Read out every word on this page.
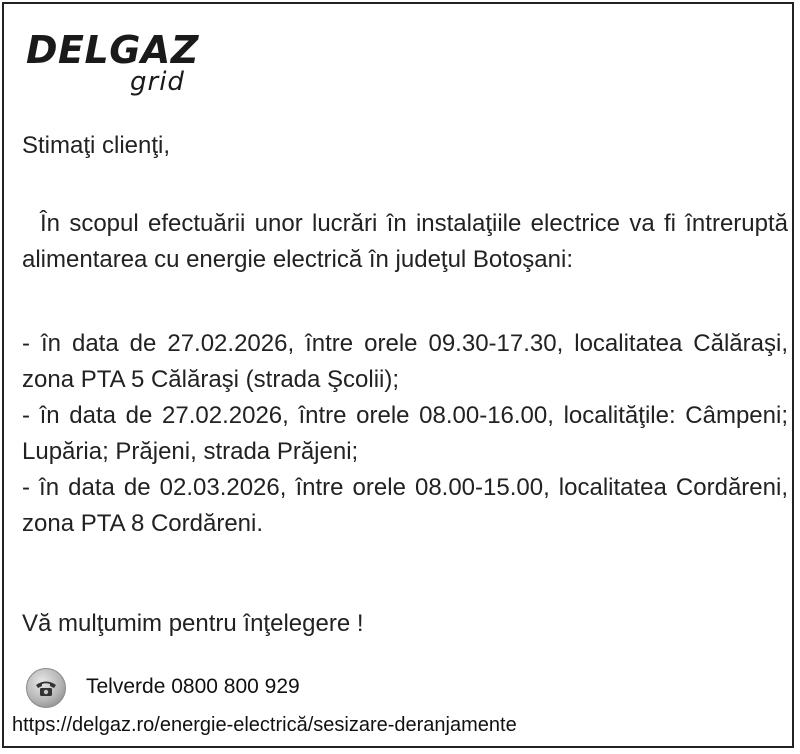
DELGAZ
grid
Stimaţi clienţi,
În scopul efectuării unor lucrări în instalaţiile electrice va fi întreruptă alimentarea cu energie electrică în judeţul Botoşani:

- în data de 27.02.2026, între orele 09.30-17.30, localitatea Călăraşi, zona PTA 5 Călăraşi (strada Şcolii);

- în data de 27.02.2026, între orele 08.00-16.00, localităţile: Câmpeni; Lupăria; Prăjeni, strada Prăjeni;

- în data de 02.03.2026, între orele 08.00-15.00, localitatea Cordăreni, zona PTA 8 Cordăreni.

Vă mulţumim pentru înţelegere !
Telverde 0800 800 929
https://delgaz.ro/energie-electrică/sesizare-deranjamente
